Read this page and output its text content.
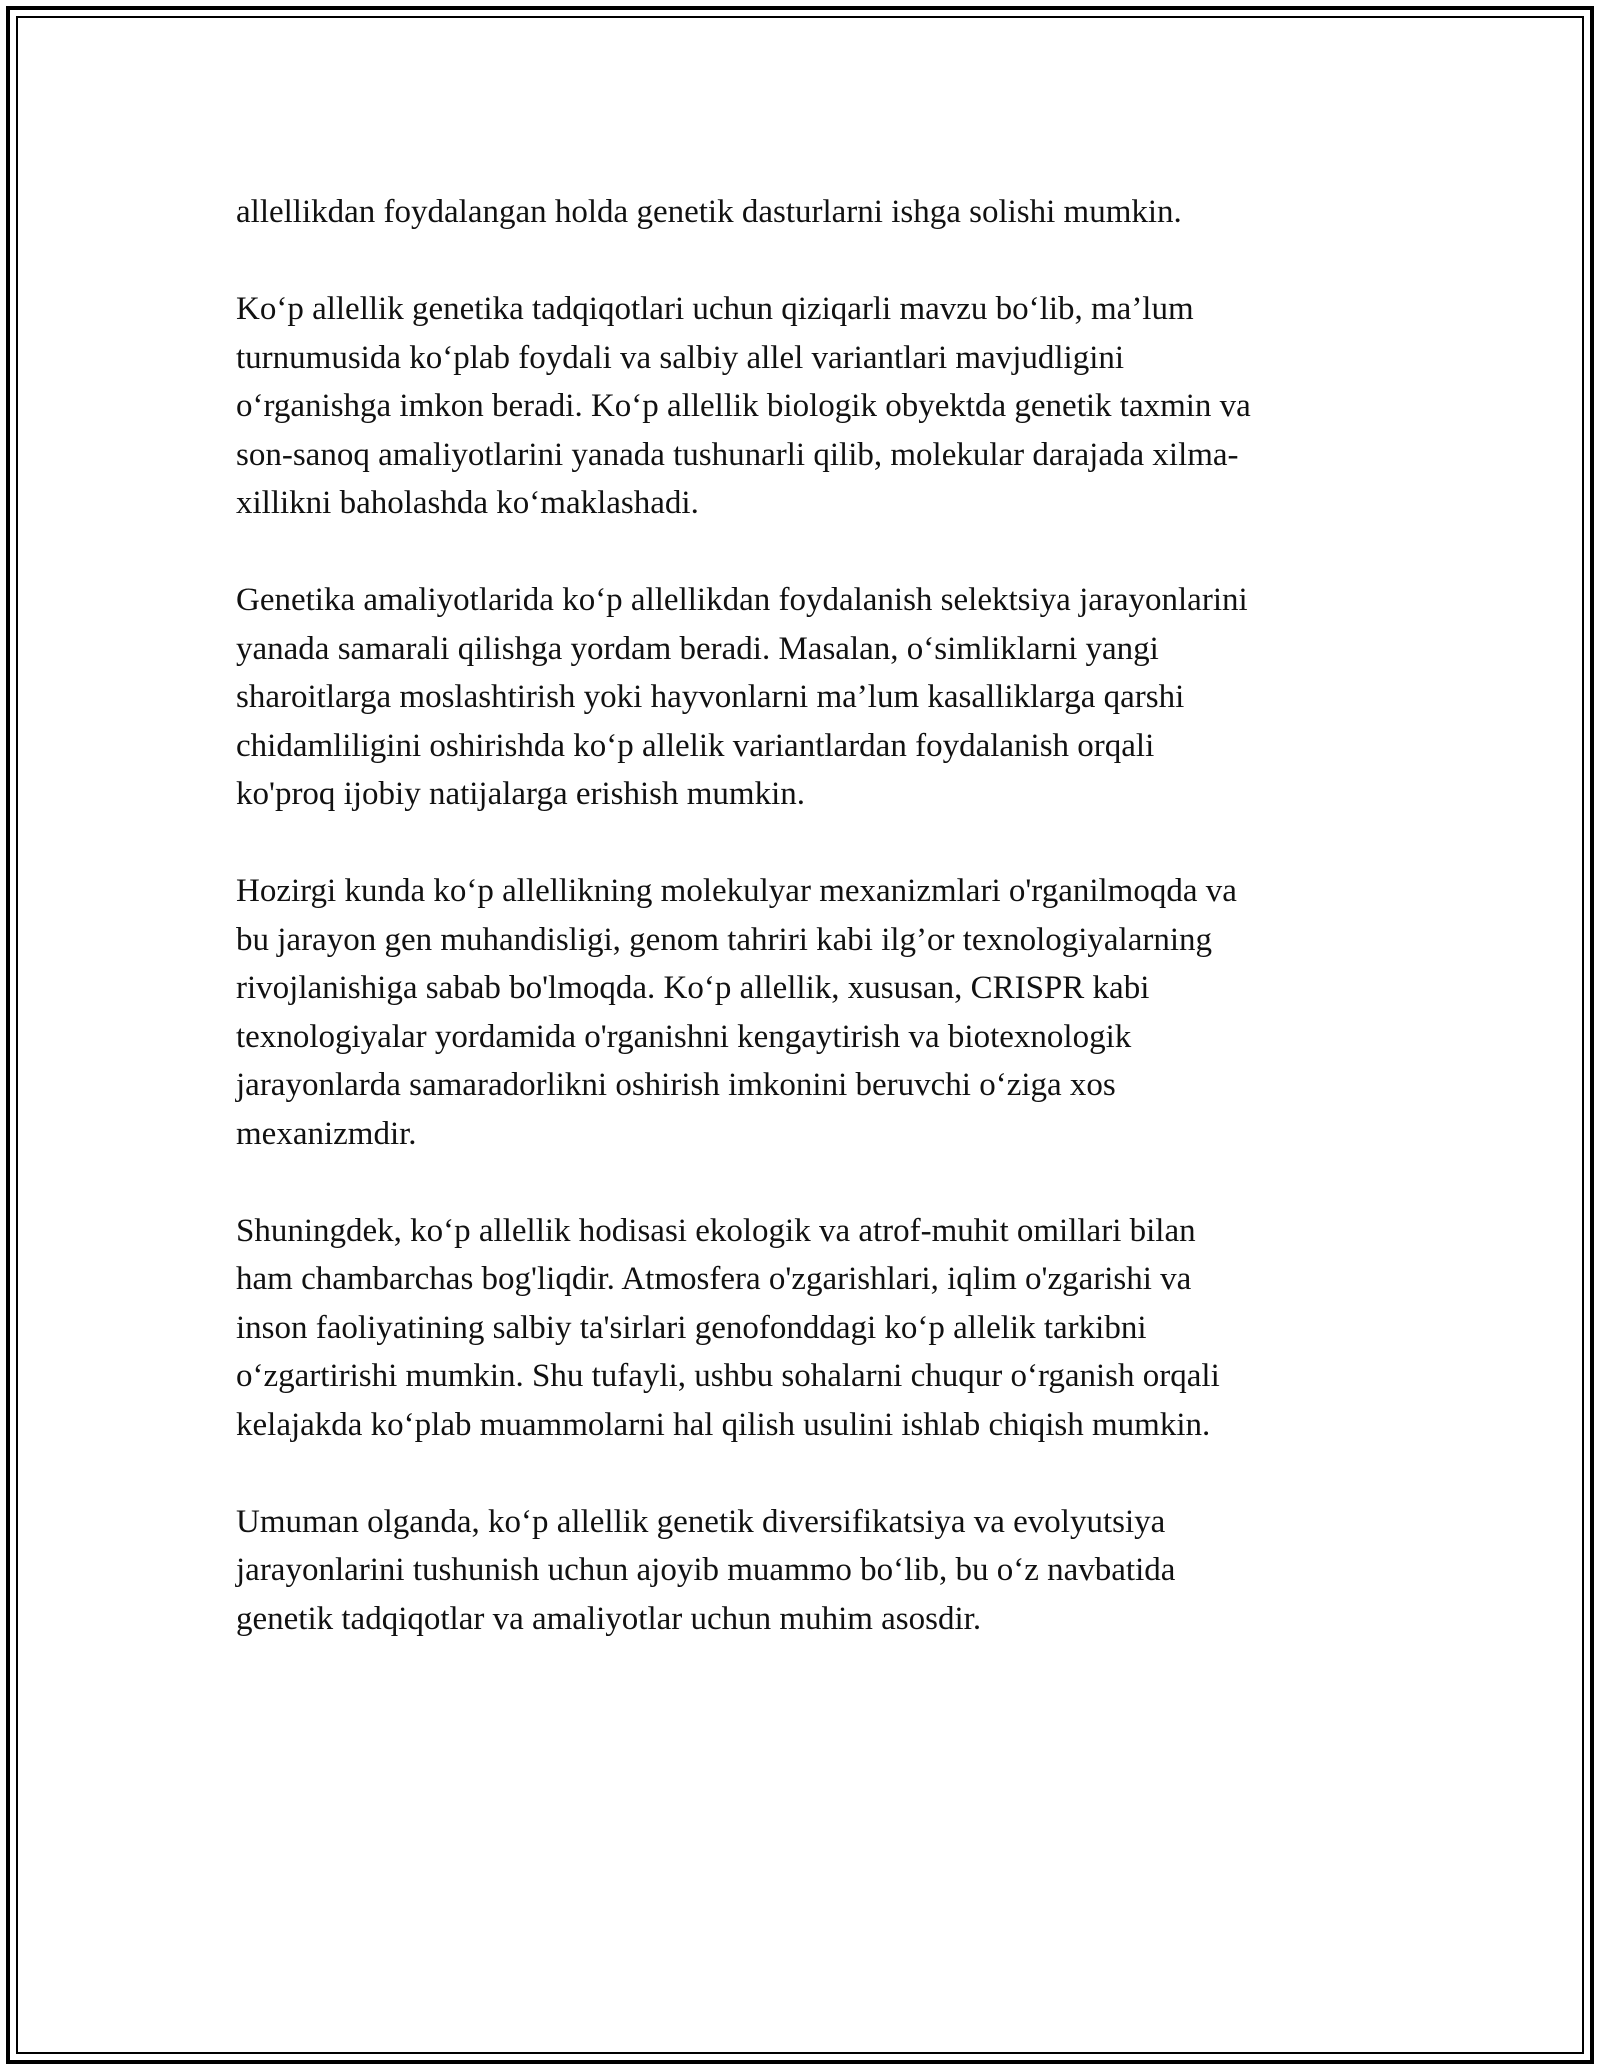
allellikdan foydalangan holda genetik dasturlarni ishga solishi mumkin.

Ko‘p allellik genetika tadqiqotlari uchun qiziqarli mavzu bo‘lib, ma’lum
turnumusida ko‘plab foydali va salbiy allel variantlari mavjudligini
o‘rganishga imkon beradi. Ko‘p allellik biologik obyektda genetik taxmin va
son-sanoq amaliyotlarini yanada tushunarli qilib, molekular darajada xilma-
xillikni baholashda ko‘maklashadi.

Genetika amaliyotlarida ko‘p allellikdan foydalanish selektsiya jarayonlarini
yanada samarali qilishga yordam beradi. Masalan, o‘simliklarni yangi
sharoitlarga moslashtirish yoki hayvonlarni ma’lum kasalliklarga qarshi
chidamliligini oshirishda ko‘p allelik variantlardan foydalanish orqali
ko'proq ijobiy natijalarga erishish mumkin.

Hozirgi kunda ko‘p allellikning molekulyar mexanizmlari o'rganilmoqda va
bu jarayon gen muhandisligi, genom tahriri kabi ilg’or texnologiyalarning
rivojlanishiga sabab bo'lmoqda. Ko‘p allellik, xususan, CRISPR kabi
texnologiyalar yordamida o'rganishni kengaytirish va biotexnologik
jarayonlarda samaradorlikni oshirish imkonini beruvchi o‘ziga xos
mexanizmdir.

Shuningdek, ko‘p allellik hodisasi ekologik va atrof-muhit omillari bilan
ham chambarchas bog'liqdir. Atmosfera o'zgarishlari, iqlim o'zgarishi va
inson faoliyatining salbiy ta'sirlari genofonddagi ko‘p allelik tarkibni
o‘zgartirishi mumkin. Shu tufayli, ushbu sohalarni chuqur o‘rganish orqali
kelajakda ko‘plab muammolarni hal qilish usulini ishlab chiqish mumkin.

Umuman olganda, ko‘p allellik genetik diversifikatsiya va evolyutsiya
jarayonlarini tushunish uchun ajoyib muammo bo‘lib, bu o‘z navbatida
genetik tadqiqotlar va amaliyotlar uchun muhim asosdir.
